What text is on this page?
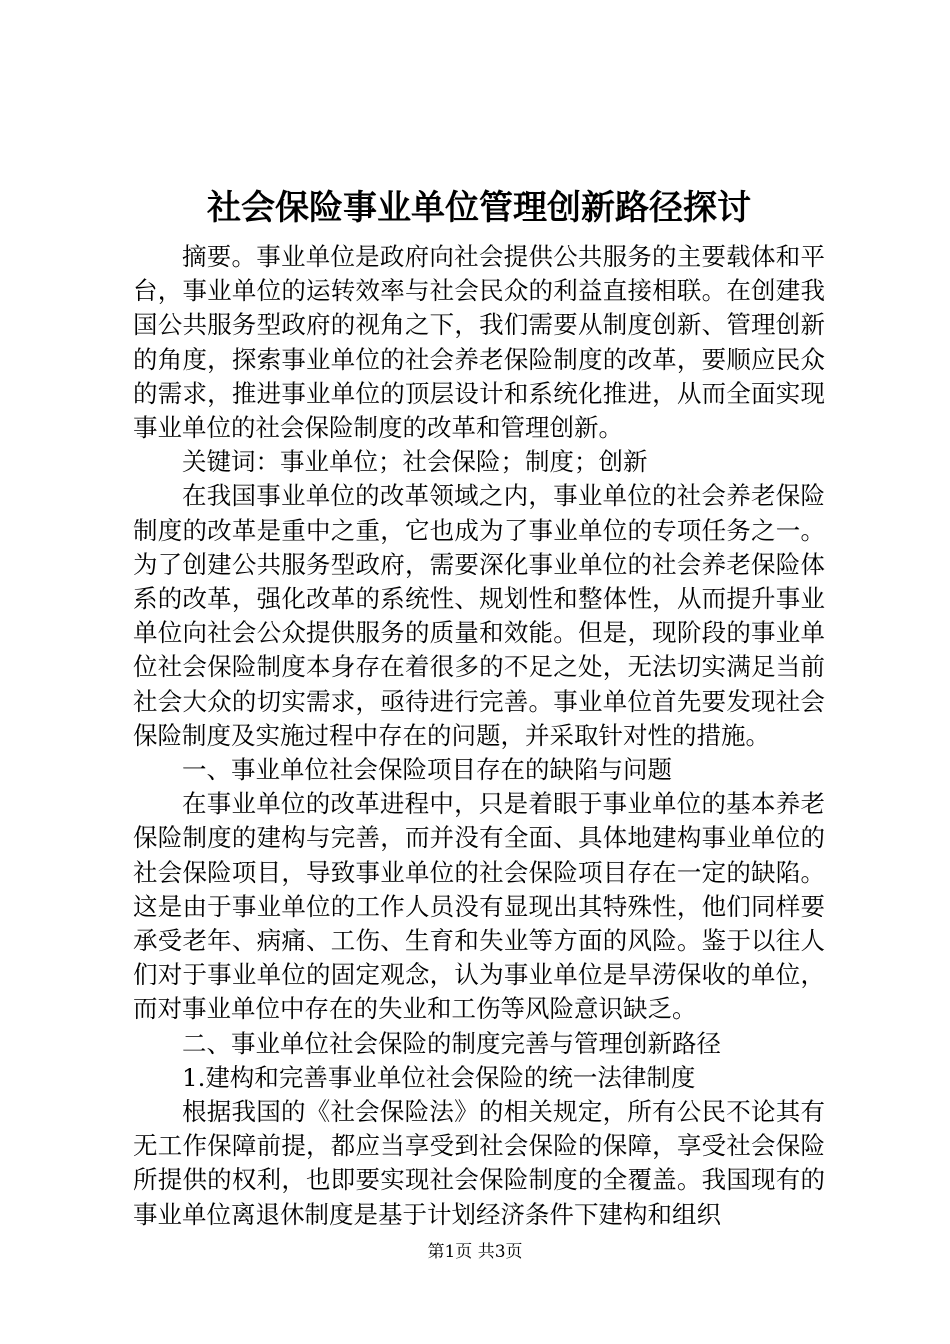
社会保险事业单位管理创新路径探讨

摘要。事业单位是政府向社会提供公共服务的主要载体和平台，事业单位的运转效率与社会民众的利益直接相联。在创建我国公共服务型政府的视角之下，我们需要从制度创新、管理创新的角度，探索事业单位的社会养老保险制度的改革，要顺应民众的需求，推进事业单位的顶层设计和系统化推进，从而全面实现事业单位的社会保险制度的改革和管理创新。

关键词：事业单位；社会保险；制度；创新

在我国事业单位的改革领域之内，事业单位的社会养老保险制度的改革是重中之重，它也成为了事业单位的专项任务之一。为了创建公共服务型政府，需要深化事业单位的社会养老保险体系的改革，强化改革的系统性、规划性和整体性，从而提升事业单位向社会公众提供服务的质量和效能。但是，现阶段的事业单位社会保险制度本身存在着很多的不足之处，无法切实满足当前社会大众的切实需求，亟待进行完善。事业单位首先要发现社会保险制度及实施过程中存在的问题，并采取针对性的措施。

一、事业单位社会保险项目存在的缺陷与问题

在事业单位的改革进程中，只是着眼于事业单位的基本养老保险制度的建构与完善，而并没有全面、具体地建构事业单位的社会保险项目，导致事业单位的社会保险项目存在一定的缺陷。这是由于事业单位的工作人员没有显现出其特殊性，他们同样要承受老年、病痛、工伤、生育和失业等方面的风险。鉴于以往人们对于事业单位的固定观念，认为事业单位是旱涝保收的单位，而对事业单位中存在的失业和工伤等风险意识缺乏。

二、事业单位社会保险的制度完善与管理创新路径

1.建构和完善事业单位社会保险的统一法律制度

根据我国的《社会保险法》的相关规定，所有公民不论其有无工作保障前提，都应当享受到社会保险的保障，享受社会保险所提供的权利，也即要实现社会保险制度的全覆盖。我国现有的事业单位离退休制度是基于计划经济条件下建构和组织

第1页 共3页
